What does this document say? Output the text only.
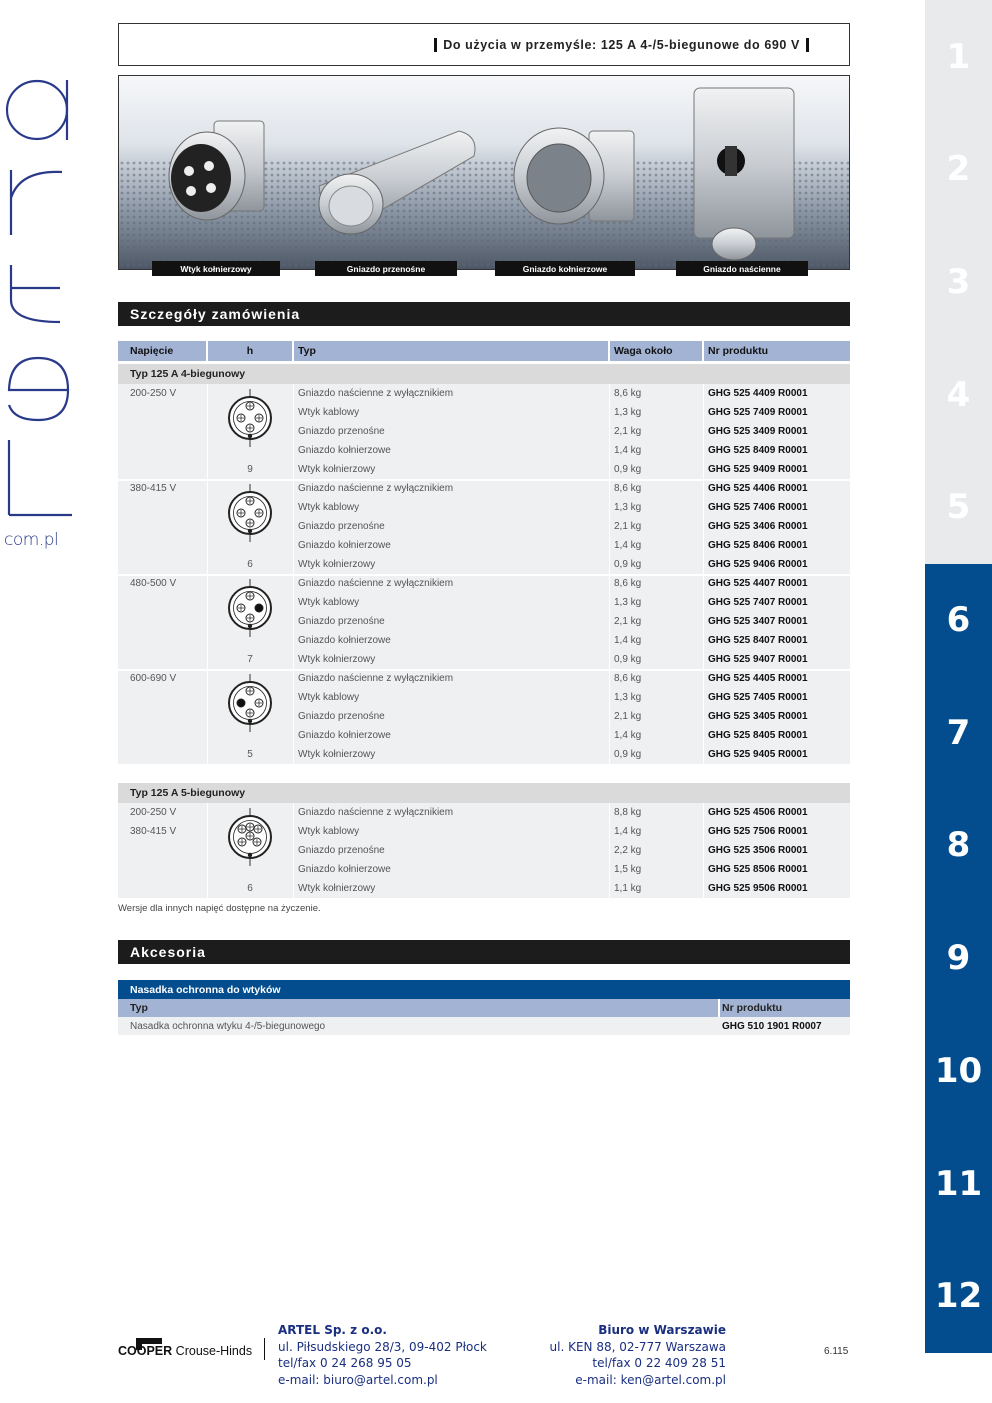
com.pl
1
2
3
4
5
6
7
8
9
10
11
12
Do użycia w przemyśle: 125 A 4-/5-biegunowe do 690 V
Wtyk kołnierzowy	Gniazdo przenośne	Gniazdo kołnierzowe	Gniazdo naścienne
Szczegóły zamówienia
Napięcie	h	Typ	Waga około	Nr produktu
Typ 125 A 4-biegunowy
200-250 V	Gniazdo naścienne z wyłącznikiem	8,6 kg	GHG 525 4409 R0001
Wtyk kablowy	1,3 kg	GHG 525 7409 R0001
Gniazdo przenośne	2,1 kg	GHG 525 3409 R0001
Gniazdo kołnierzowe	1,4 kg	GHG 525 8409 R0001
9	Wtyk kołnierzowy	0,9 kg	GHG 525 9409 R0001
380-415 V	Gniazdo naścienne z wyłącznikiem	8,6 kg	GHG 525 4406 R0001
Wtyk kablowy	1,3 kg	GHG 525 7406 R0001
Gniazdo przenośne	2,1 kg	GHG 525 3406 R0001
Gniazdo kołnierzowe	1,4 kg	GHG 525 8406 R0001
6	Wtyk kołnierzowy	0,9 kg	GHG 525 9406 R0001
480-500 V	Gniazdo naścienne z wyłącznikiem	8,6 kg	GHG 525 4407 R0001
Wtyk kablowy	1,3 kg	GHG 525 7407 R0001
Gniazdo przenośne	2,1 kg	GHG 525 3407 R0001
Gniazdo kołnierzowe	1,4 kg	GHG 525 8407 R0001
7	Wtyk kołnierzowy	0,9 kg	GHG 525 9407 R0001
600-690 V	Gniazdo naścienne z wyłącznikiem	8,6 kg	GHG 525 4405 R0001
Wtyk kablowy	1,3 kg	GHG 525 7405 R0001
Gniazdo przenośne	2,1 kg	GHG 525 3405 R0001
Gniazdo kołnierzowe	1,4 kg	GHG 525 8405 R0001
5	Wtyk kołnierzowy	0,9 kg	GHG 525 9405 R0001
Typ 125 A 5-biegunowy
200-250 V	Gniazdo naścienne z wyłącznikiem	8,8 kg	GHG 525 4506 R0001
380-415 V	Wtyk kablowy	1,4 kg	GHG 525 7506 R0001
Gniazdo przenośne	2,2 kg	GHG 525 3506 R0001
Gniazdo kołnierzowe	1,5 kg	GHG 525 8506 R0001
6	Wtyk kołnierzowy	1,1 kg	GHG 525 9506 R0001
Wersje dla innych napięć dostępne na życzenie.
Akcesoria
Nasadka ochronna do wtyków
Typ	Nr produktu
Nasadka ochronna wtyku 4-/5-biegunowego	GHG 510 1901 R0007
COOPER Crouse-Hinds
ARTEL Sp. z o.o.
ul. Piłsudskiego 28/3, 09-402 Płock
tel/fax 0 24 268 95 05
e-mail: biuro@artel.com.pl
Biuro w Warszawie
ul. KEN 88, 02-777 Warszawa
tel/fax 0 22 409 28 51
e-mail: ken@artel.com.pl
6.115
